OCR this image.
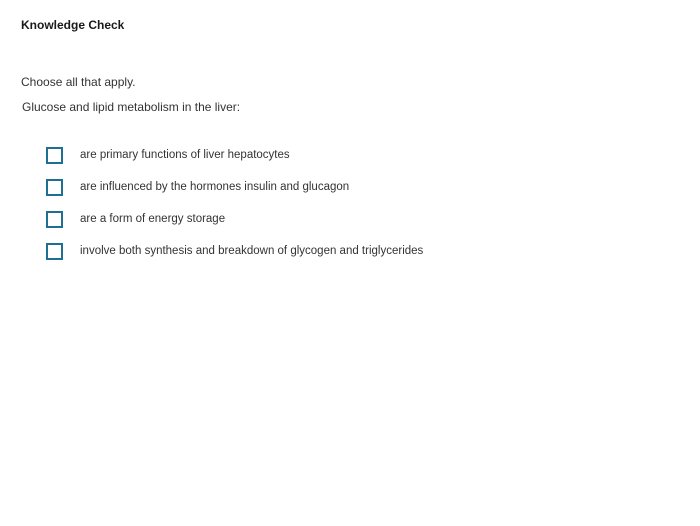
Knowledge Check
Choose all that apply.
Glucose and lipid metabolism in the liver:
are primary functions of liver hepatocytes
are influenced by the hormones insulin and glucagon
are a form of energy storage
involve both synthesis and breakdown of glycogen and triglycerides
